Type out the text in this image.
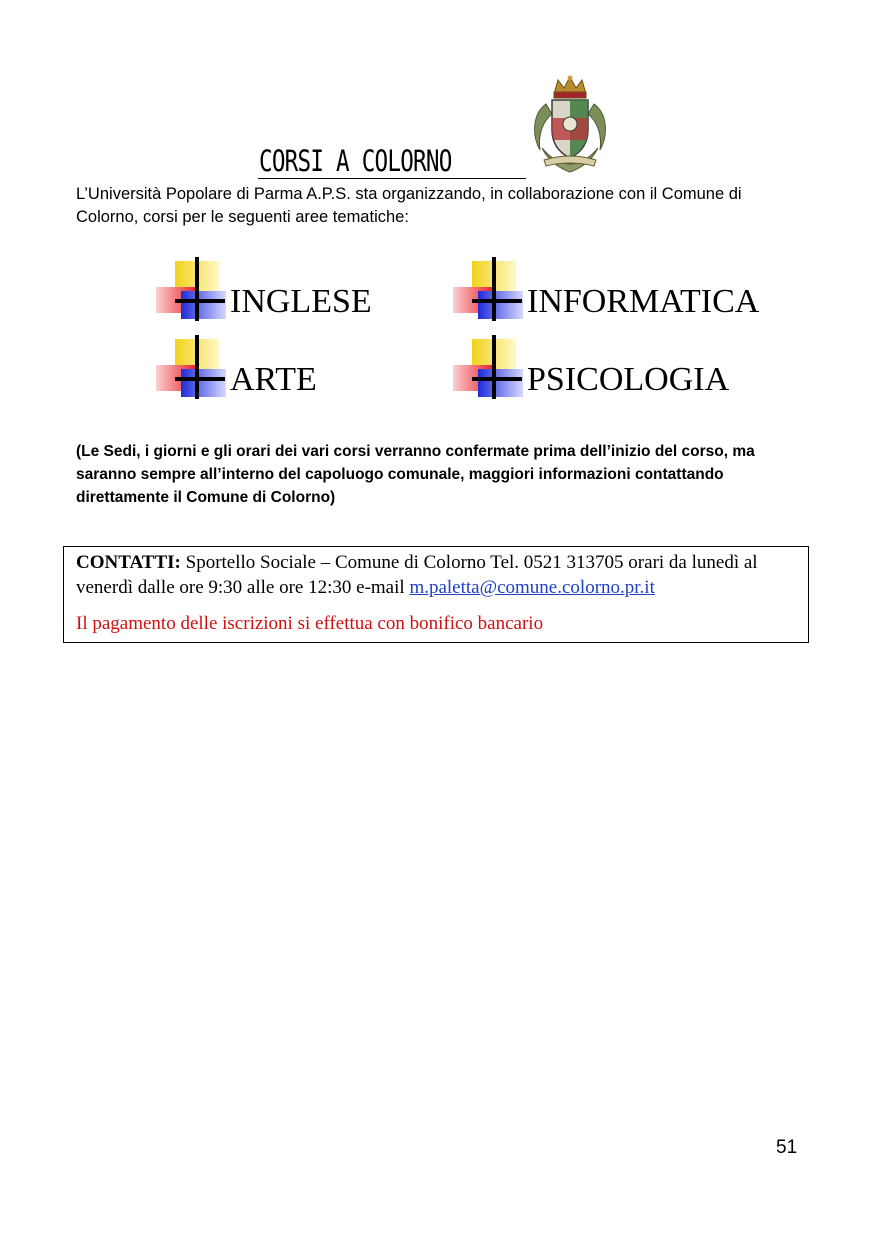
CORSI A COLORNO
L’Università Popolare di Parma A.P.S. sta organizzando, in collaborazione con il Comune di Colorno, corsi per le seguenti aree tematiche:
INGLESE	INFORMATICA
ARTE	PSICOLOGIA
(Le Sedi, i giorni e gli orari dei vari corsi verranno confermate prima dell’inizio del corso, ma saranno sempre all’interno del capoluogo comunale, maggiori informazioni contattando direttamente il Comune di Colorno)
CONTATTI: Sportello Sociale – Comune di Colorno Tel. 0521 313705 orari da lunedì al venerdì dalle ore 9:30 alle ore 12:30 e-mail m.paletta@comune.colorno.pr.it
Il pagamento delle iscrizioni si effettua con bonifico bancario
51
